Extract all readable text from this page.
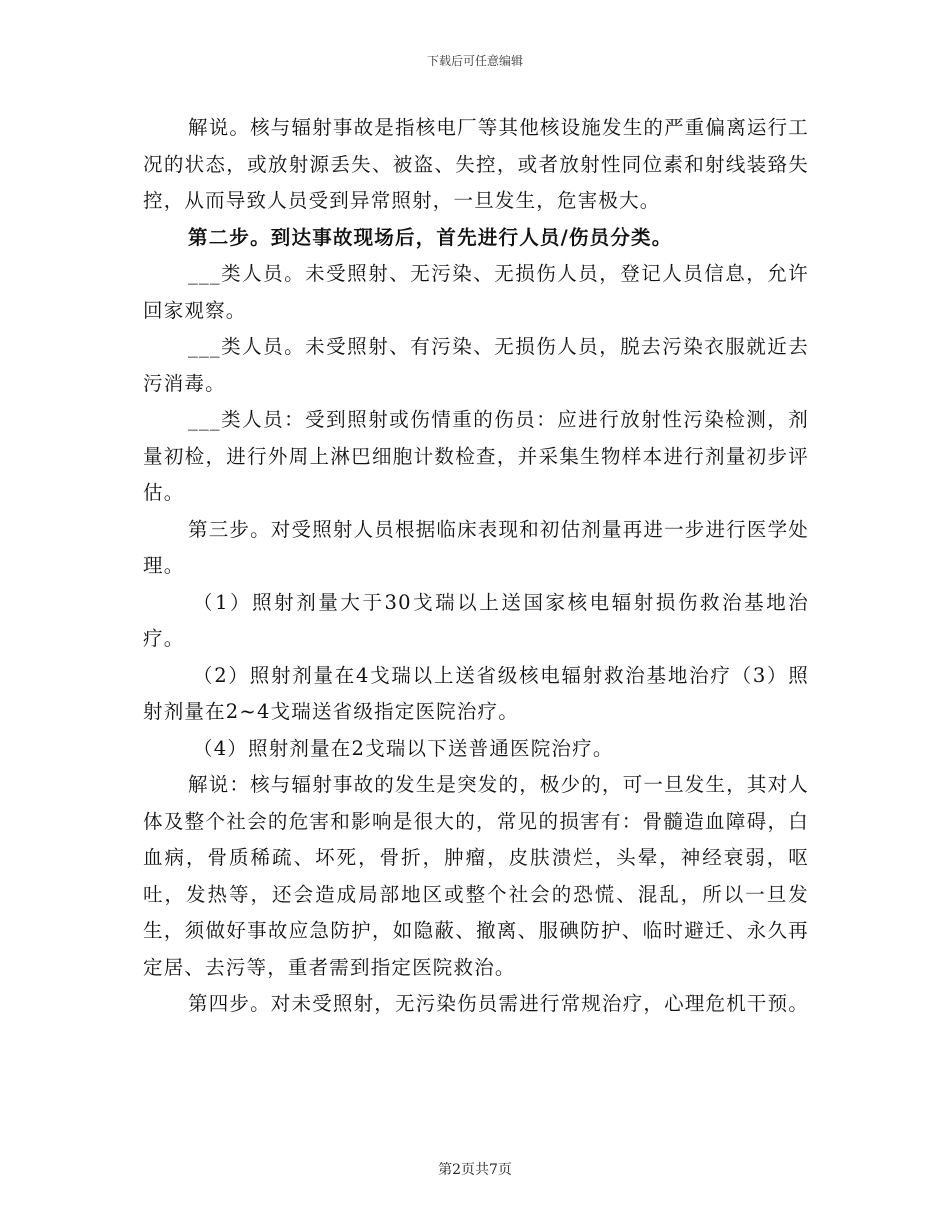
下载后可任意编辑

解说。核与辐射事故是指核电厂等其他核设施发生的严重偏离运行工况的状态，或放射源丢失、被盗、失控，或者放射性同位素和射线装臵失控，从而导致人员受到异常照射，一旦发生，危害极大。

第二步。到达事故现场后，首先进行人员/伤员分类。

___类人员。未受照射、无污染、无损伤人员，登记人员信息，允许回家观察。

___类人员。未受照射、有污染、无损伤人员，脱去污染衣服就近去污消毒。

___类人员：受到照射或伤情重的伤员：应进行放射性污染检测，剂量初检，进行外周上淋巴细胞计数检查，并采集生物样本进行剂量初步评估。

第三步。对受照射人员根据临床表现和初估剂量再进一步进行医学处理。

（1）照射剂量大于30戈瑞以上送国家核电辐射损伤救治基地治疗。

（2）照射剂量在4戈瑞以上送省级核电辐射救治基地治疗（3）照射剂量在2~4戈瑞送省级指定医院治疗。

（4）照射剂量在2戈瑞以下送普通医院治疗。

解说：核与辐射事故的发生是突发的，极少的，可一旦发生，其对人体及整个社会的危害和影响是很大的，常见的损害有：骨髓造血障碍，白血病，骨质稀疏、坏死，骨折，肿瘤，皮肤溃烂，头晕，神经衰弱，呕吐，发热等，还会造成局部地区或整个社会的恐慌、混乱，所以一旦发生，须做好事故应急防护，如隐蔽、撤离、服碘防护、临时避迁、永久再定居、去污等，重者需到指定医院救治。

第四步。对未受照射，无污染伤员需进行常规治疗，心理危机干预。

第2页共7页
